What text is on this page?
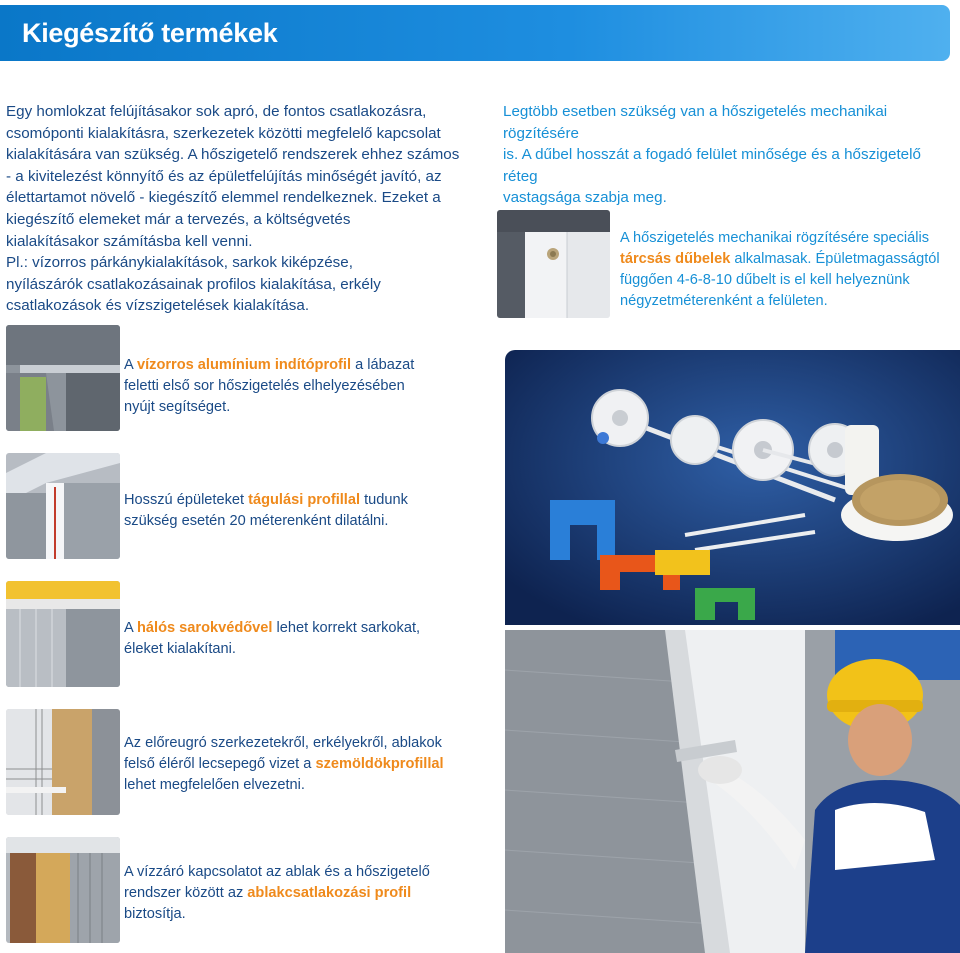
Kiegészítő termékek
Egy homlokzat felújításakor sok apró, de fontos csatlakozásra,
csomóponti kialakításra, szerkezetek közötti megfelelő kapcsolat
kialakítására van szükség. A hőszigetelő rendszerek ehhez számos
- a kivitelezést könnyítő és az épületfelújítás minőségét javító, az
élettartamot növelő - kiegészítő elemmel rendelkeznek. Ezeket a
kiegészítő elemeket már a tervezés, a költségvetés
kialakításakor számításba kell venni.
Pl.: vízorros párkánykialakítások, sarkok kiképzése,
nyílászárók csatlakozásainak profilos kialakítása, erkély
csatlakozások és vízszigetelések kialakítása.
Legtöbb esetben szükség van a hőszigetelés mechanikai rögzítésére
is. A dűbel hosszát a fogadó felület minősége és a hőszigetelő réteg
vastagsága szabja meg.
A hőszigetelés mechanikai rögzítésére speciális
tárcsás dűbelek alkalmasak. Épületmagasságtól
függően 4-6-8-10 dűbelt is el kell helyeznünk
négyzetméterenként a felületen.
A vízorros alumínium indítóprofil a lábazat
feletti első sor hőszigetelés elhelyezésében
nyújt segítséget.
Hosszú épületeket tágulási profillal tudunk
szükség esetén 20 méterenként dilatálni.
A hálós sarokvédővel lehet korrekt sarkokat,
éleket kialakítani.
Az előreugró szerkezetekről, erkélyekről, ablakok
felső éléről lecsepegő vizet a szemöldökprofillal
lehet megfelelően elvezetni.
A vízzáró kapcsolatot az ablak és a hőszigetelő
rendszer között az ablakcsatlakozási profil
biztosítja.
